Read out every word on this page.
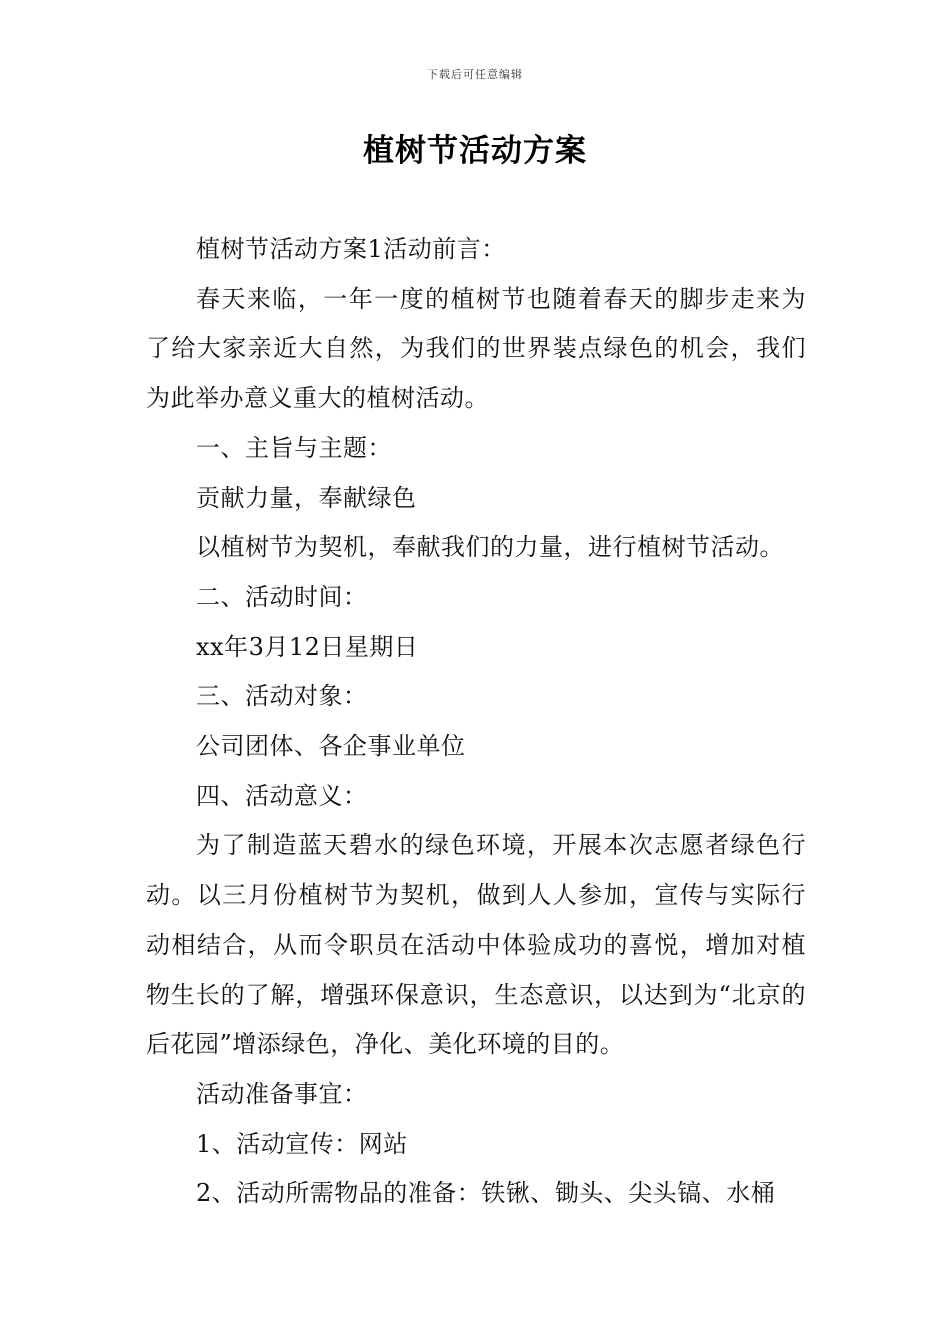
下载后可任意编辑
植树节活动方案

植树节活动方案1活动前言：

春天来临，一年一度的植树节也随着春天的脚步走来为了给大家亲近大自然，为我们的世界装点绿色的机会，我们为此举办意义重大的植树活动。

一、主旨与主题：

贡献力量，奉献绿色

以植树节为契机，奉献我们的力量，进行植树节活动。

二、活动时间：

xx年3月12日星期日

三、活动对象：

公司团体、各企事业单位

四、活动意义：

为了制造蓝天碧水的绿色环境，开展本次志愿者绿色行动。以三月份植树节为契机，做到人人参加，宣传与实际行动相结合，从而令职员在活动中体验成功的喜悦，增加对植物生长的了解，增强环保意识，生态意识，以达到为“北京的后花园”增添绿色，净化、美化环境的目的。

活动准备事宜：

1、活动宣传：网站

2、活动所需物品的准备：铁锹、锄头、尖头镐、水桶
